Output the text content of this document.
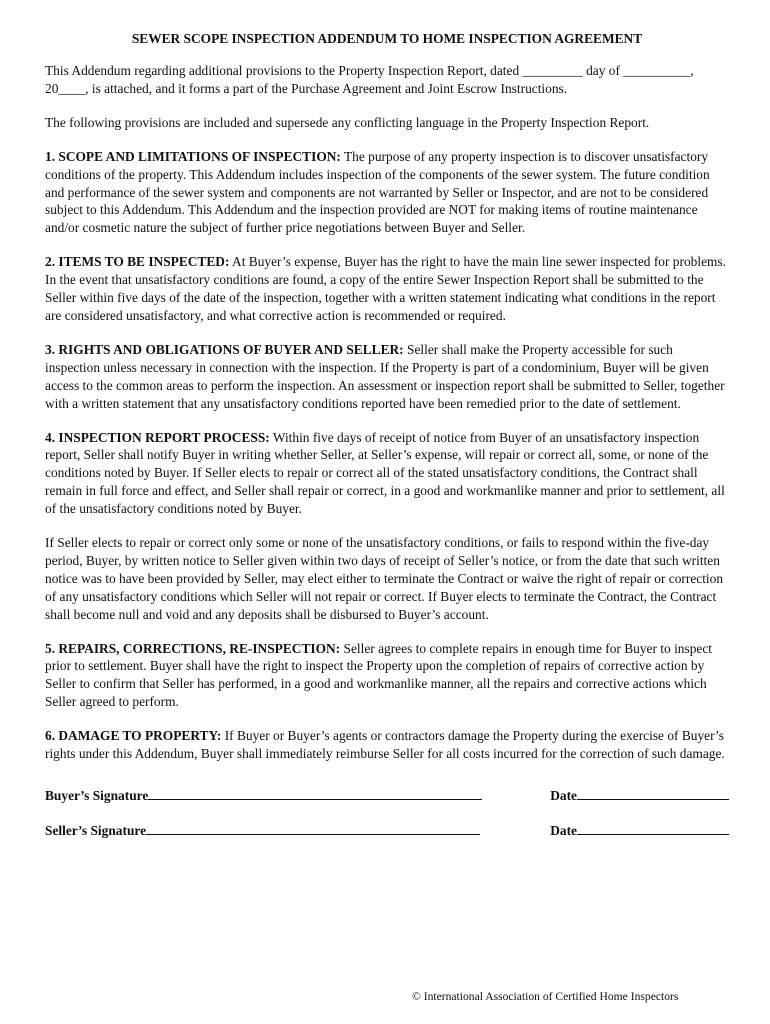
SEWER SCOPE INSPECTION ADDENDUM TO HOME INSPECTION AGREEMENT

This Addendum regarding additional provisions to the Property Inspection Report, dated _________ day of __________, 20____, is attached, and it forms a part of the Purchase Agreement and Joint Escrow Instructions.

The following provisions are included and supersede any conflicting language in the Property Inspection Report.

1. SCOPE AND LIMITATIONS OF INSPECTION: The purpose of any property inspection is to discover unsatisfactory conditions of the property. This Addendum includes inspection of the components of the sewer system. The future condition and performance of the sewer system and components are not warranted by Seller or Inspector, and are not to be considered subject to this Addendum. This Addendum and the inspection provided are NOT for making items of routine maintenance and/or cosmetic nature the subject of further price negotiations between Buyer and Seller.

2. ITEMS TO BE INSPECTED: At Buyer’s expense, Buyer has the right to have the main line sewer inspected for problems. In the event that unsatisfactory conditions are found, a copy of the entire Sewer Inspection Report shall be submitted to the Seller within five days of the date of the inspection, together with a written statement indicating what conditions in the report are considered unsatisfactory, and what corrective action is recommended or required.

3. RIGHTS AND OBLIGATIONS OF BUYER AND SELLER: Seller shall make the Property accessible for such inspection unless necessary in connection with the inspection. If the Property is part of a condominium, Buyer will be given access to the common areas to perform the inspection. An assessment or inspection report shall be submitted to Seller, together with a written statement that any unsatisfactory conditions reported have been remedied prior to the date of settlement.

4. INSPECTION REPORT PROCESS: Within five days of receipt of notice from Buyer of an unsatisfactory inspection report, Seller shall notify Buyer in writing whether Seller, at Seller’s expense, will repair or correct all, some, or none of the conditions noted by Buyer. If Seller elects to repair or correct all of the stated unsatisfactory conditions, the Contract shall remain in full force and effect, and Seller shall repair or correct, in a good and workmanlike manner and prior to settlement, all of the unsatisfactory conditions noted by Buyer.

If Seller elects to repair or correct only some or none of the unsatisfactory conditions, or fails to respond within the five-day period, Buyer, by written notice to Seller given within two days of receipt of Seller’s notice, or from the date that such written notice was to have been provided by Seller, may elect either to terminate the Contract or waive the right of repair or correction of any unsatisfactory conditions which Seller will not repair or correct. If Buyer elects to terminate the Contract, the Contract shall become null and void and any deposits shall be disbursed to Buyer’s account.

5. REPAIRS, CORRECTIONS, RE-INSPECTION: Seller agrees to complete repairs in enough time for Buyer to inspect prior to settlement. Buyer shall have the right to inspect the Property upon the completion of repairs of corrective action by Seller to confirm that Seller has performed, in a good and workmanlike manner, all the repairs and corrective actions which Seller agreed to perform.

6. DAMAGE TO PROPERTY: If Buyer or Buyer’s agents or contractors damage the Property during the exercise of Buyer’s rights under this Addendum, Buyer shall immediately reimburse Seller for all costs incurred for the correction of such damage.

Buyer’s Signature	Date
Seller’s Signature	Date
© International Association of Certified Home Inspectors
